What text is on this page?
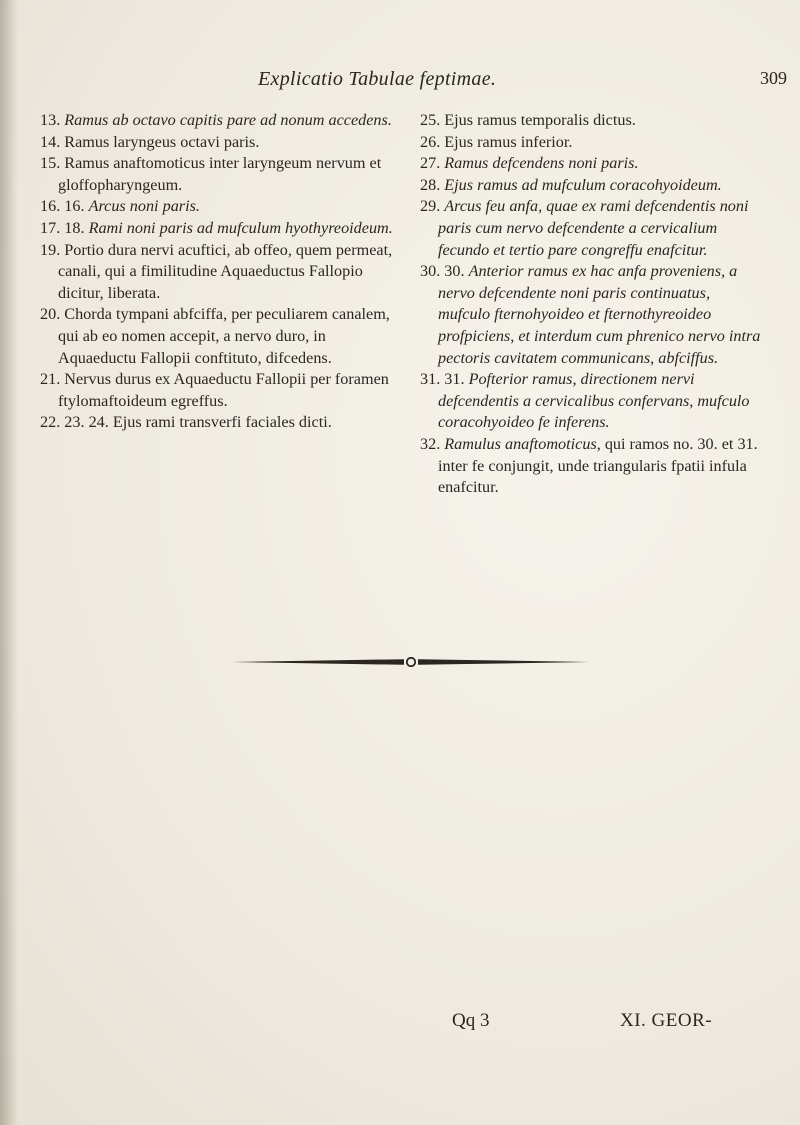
Explicatio Tabulae feptimae.	309

13. Ramus ab octavo capitis pare ad nonum accedens.

14. Ramus laryngeus octavi paris.

15. Ramus anaftomoticus inter laryngeum nervum et gloffopharyngeum.

16. 16. Arcus noni paris.

17. 18. Rami noni paris ad mufculum hyothyreoideum.

19. Portio dura nervi acuftici, ab offeo, quem permeat, canali, qui a fimilitudine Aquaeductus Fallopio dicitur, liberata.

20. Chorda tympani abfciffa, per peculiarem canalem, qui ab eo nomen accepit, a nervo duro, in Aquaeductu Fallopii conftituto, difcedens.

21. Nervus durus ex Aquaeductu Fallopii per foramen ftylomaftoideum egreffus.

22. 23. 24. Ejus rami transverfi faciales dicti.

25. Ejus ramus temporalis dictus.

26. Ejus ramus inferior.

27. Ramus defcendens noni paris.

28. Ejus ramus ad mufculum coracohyoideum.

29. Arcus feu anfa, quae ex rami defcendentis noni paris cum nervo defcendente a cervicalium fecundo et tertio pare congreffu enafcitur.

30. 30. Anterior ramus ex hac anfa proveniens, a nervo defcendente noni paris continuatus, mufculo fternohyoideo et fternothyreoideo profpiciens, et interdum cum phrenico nervo intra pectoris cavitatem communicans, abfciffus.

31. 31. Pofterior ramus, directionem nervi defcendentis a cervicalibus confervans, mufculo coracohyoideo fe inferens.

32. Ramulus anaftomoticus, qui ramos no. 30. et 31. inter fe conjungit, unde triangularis fpatii infula enafcitur.

Qq 3	XI. GEOR-
